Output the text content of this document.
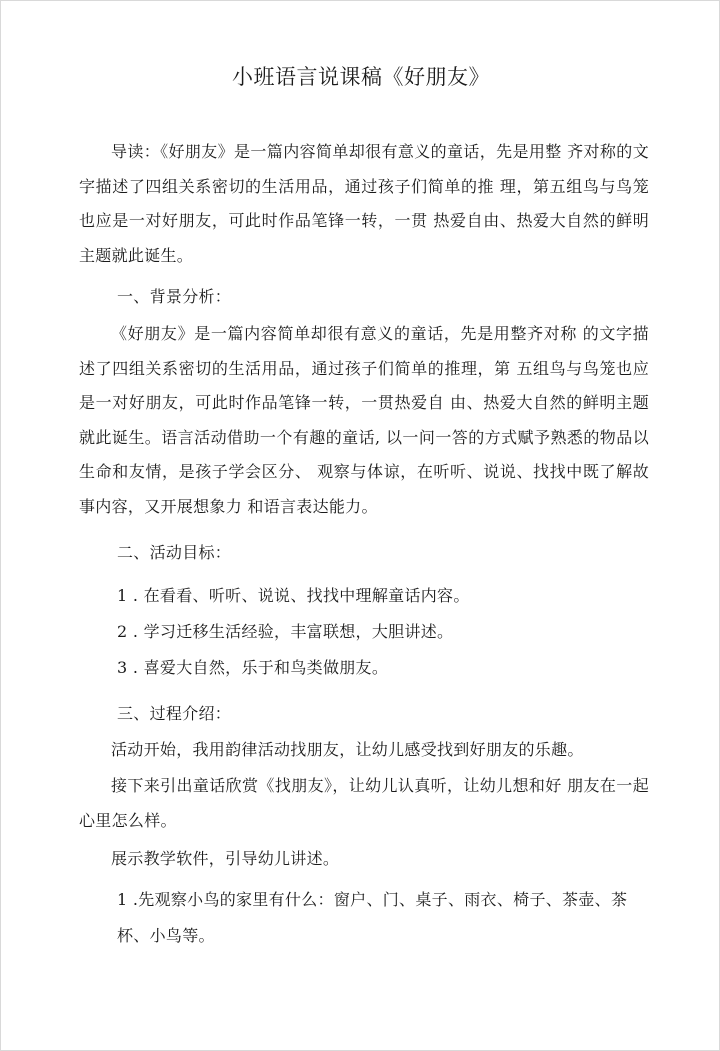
小班语言说课稿《好朋友》
导读：《好朋友》是一篇内容简单却很有意义的童话，先是用整 齐对称的文字描述了四组关系密切的生活用品，通过孩子们简单的推 理，第五组鸟与鸟笼也应是一对好朋友，可此时作品笔锋一转，一贯 热爱自由、热爱大自然的鲜明主题就此诞生。
一、背景分析：
《好朋友》是一篇内容简单却很有意义的童话，先是用整齐对称 的文字描述了四组关系密切的生活用品，通过孩子们简单的推理，第 五组鸟与鸟笼也应是一对好朋友，可此时作品笔锋一转，一贯热爱自 由、热爱大自然的鲜明主题就此诞生。语言活动借助一个有趣的童话, 以一问一答的方式赋予熟悉的物品以生命和友情，是孩子学会区分、 观察与体谅，在听听、说说、找找中既了解故事内容，又开展想象力 和语言表达能力。
二、活动目标：
1 . 在看看、听听、说说、找找中理解童话内容。
2 . 学习迁移生活经验，丰富联想，大胆讲述。
3 . 喜爱大自然，乐于和鸟类做朋友。
三、过程介绍：
活动开始，我用韵律活动找朋友，让幼儿感受找到好朋友的乐趣。
接下来引出童话欣赏《找朋友》，让幼儿认真听，让幼儿想和好 朋友在一起心里怎么样。
展示教学软件，引导幼儿讲述。
1 .先观察小鸟的家里有什么：窗户、门、桌子、雨衣、椅子、茶壶、茶
杯、小鸟等。
